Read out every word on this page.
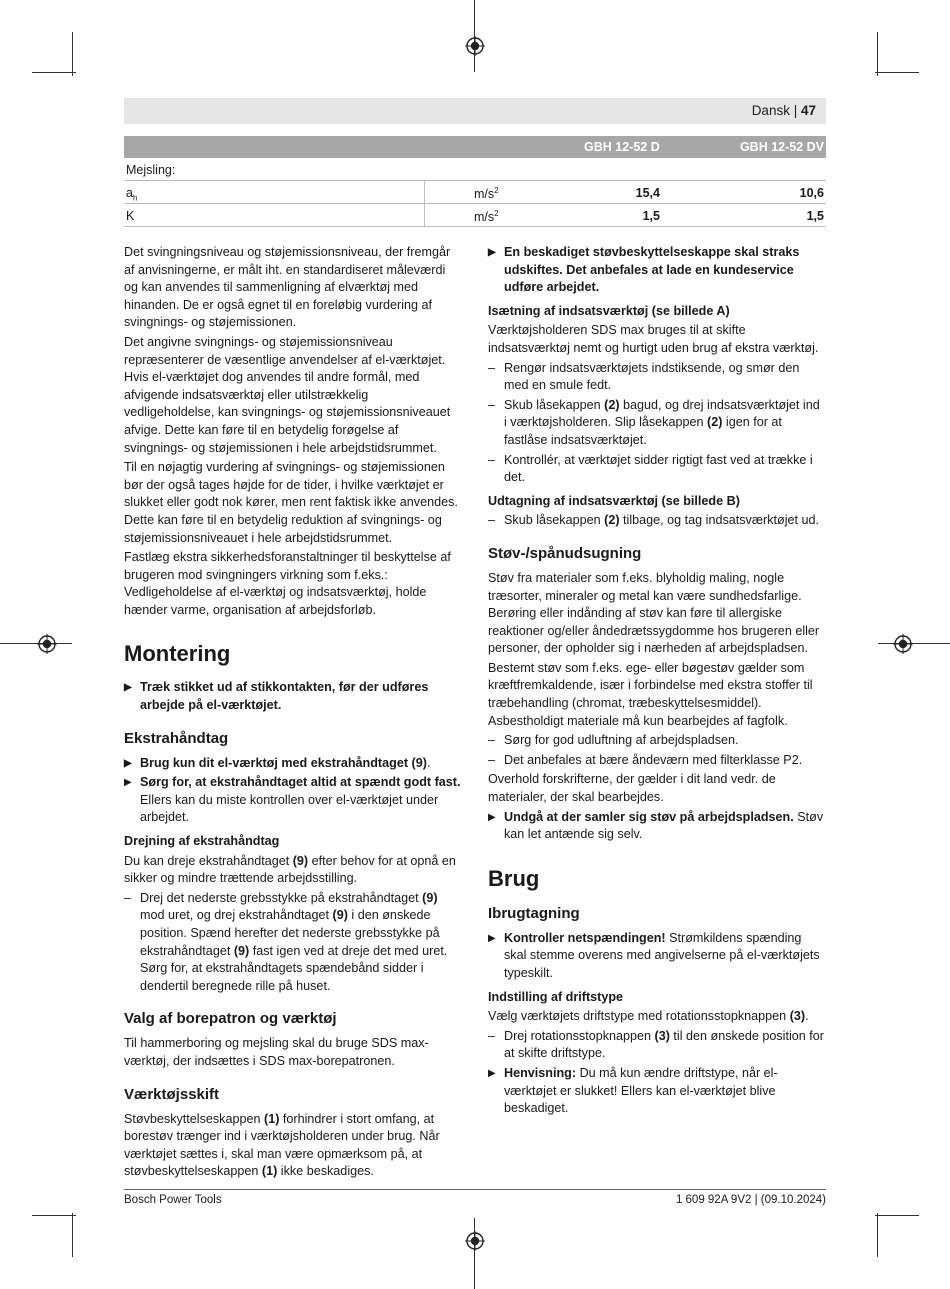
Dansk | 47
GBH 12-52 D	GBH 12-52 DV
Mejsling:
$a_h$	$m/s^2$	15,4	10,6
K	$m/s^2$	1,5	1,5

Det svingningsniveau og støjemissionsniveau, der fremgår af anvisningerne, er målt iht. en standardiseret måleværdi og kan anvendes til sammenligning af elværktøj med hinanden. De er også egnet til en foreløbig vurdering af svingnings- og støjemissionen.

Det angivne svingnings- og støjemissionsniveau repræsenterer de væsentlige anvendelser af el-værktøjet. Hvis el-værktøjet dog anvendes til andre formål, med afvigende indsatsværktøj eller utilstrækkelig vedligeholdelse, kan svingnings- og støjemissionsniveauet afvige. Dette kan føre til en betydelig forøgelse af svingnings- og støjemissionen i hele arbejdstidsrummet.

Til en nøjagtig vurdering af svingnings- og støjemissionen bør der også tages højde for de tider, i hvilke værktøjet er slukket eller godt nok kører, men rent faktisk ikke anvendes. Dette kan føre til en betydelig reduktion af svingnings- og støjemissionsniveauet i hele arbejdstidsrummet.

Fastlæg ekstra sikkerhedsforanstaltninger til beskyttelse af brugeren mod svingningers virkning som f.eks.: Vedligeholdelse af el-værktøj og indsatsværktøj, holde hænder varme, organisation af arbejdsforløb.

Montering

▶ Træk stikket ud af stikkontakten, før der udføres arbejde på el-værktøjet.

Ekstrahåndtag

▶ Brug kun dit el-værktøj med ekstrahåndtaget (9).

▶ Sørg for, at ekstrahåndtaget altid at spændt godt fast. Ellers kan du miste kontrollen over el-værktøjet under arbejdet.

Drejning af ekstrahåndtag

Du kan dreje ekstrahåndtaget (9) efter behov for at opnå en sikker og mindre trættende arbejdsstilling.

– Drej det nederste grebsstykke på ekstrahåndtaget (9) mod uret, og drej ekstrahåndtaget (9) i den ønskede position. Spænd herefter det nederste grebsstykke på ekstrahåndtaget (9) fast igen ved at dreje det med uret.
Sørg for, at ekstrahåndtagets spændebånd sidder i dendertil beregnede rille på huset.

Valg af borepatron og værktøj

Til hammerboring og mejsling skal du bruge SDS max-værktøj, der indsættes i SDS max-borepatronen.

Værktøjsskift

Støvbeskyttelseskappen (1) forhindrer i stort omfang, at borestøv trænger ind i værktøjsholderen under brug. Når værktøjet sættes i, skal man være opmærksom på, at støvbeskyttelseskappen (1) ikke beskadiges.

▶ En beskadiget støvbeskyttelseskappe skal straks udskiftes. Det anbefales at lade en kundeservice udføre arbejdet.

Isætning af indsatsværktøj (se billede A)

Værktøjsholderen SDS max bruges til at skifte indsatsværktøj nemt og hurtigt uden brug af ekstra værktøj.

– Rengør indsatsværktøjets indstiksende, og smør den med en smule fedt.

– Skub låsekappen (2) bagud, og drej indsatsværktøjet ind i værktøjsholderen. Slip låsekappen (2) igen for at fastlåse indsatsværktøjet.

– Kontrollér, at værktøjet sidder rigtigt fast ved at trække i det.

Udtagning af indsatsværktøj (se billede B)

– Skub låsekappen (2) tilbage, og tag indsatsværktøjet ud.

Støv-/spånudsugning

Støv fra materialer som f.eks. blyholdig maling, nogle træsorter, mineraler og metal kan være sundhedsfarlige. Berøring eller indånding af støv kan føre til allergiske reaktioner og/eller åndedrætssygdomme hos brugeren eller personer, der opholder sig i nærheden af arbejdspladsen.

Bestemt støv som f.eks. ege- eller bøgestøv gælder som kræftfremkaldende, især i forbindelse med ekstra stoffer til træbehandling (chromat, træbeskyttelsesmiddel). Asbestholdigt materiale må kun bearbejdes af fagfolk.

– Sørg for god udluftning af arbejdspladsen.

– Det anbefales at bære åndeværn med filterklasse P2.

Overhold forskrifterne, der gælder i dit land vedr. de materialer, der skal bearbejdes.

▶ Undgå at der samler sig støv på arbejdspladsen. Støv kan let antænde sig selv.

Brug

Ibrugtagning

▶ Kontroller netspændingen! Strømkildens spænding skal stemme overens med angivelserne på el-værktøjets typeskilt.

Indstilling af driftstype

Vælg værktøjets driftstype med rotationsstopknappen (3).

– Drej rotationsstopknappen (3) til den ønskede position for at skifte driftstype.

▶ Henvisning: Du må kun ændre driftstype, når el-værktøjet er slukket! Ellers kan el-værktøjet blive beskadiget.

Bosch Power Tools	1 609 92A 9V2 | (09.10.2024)
